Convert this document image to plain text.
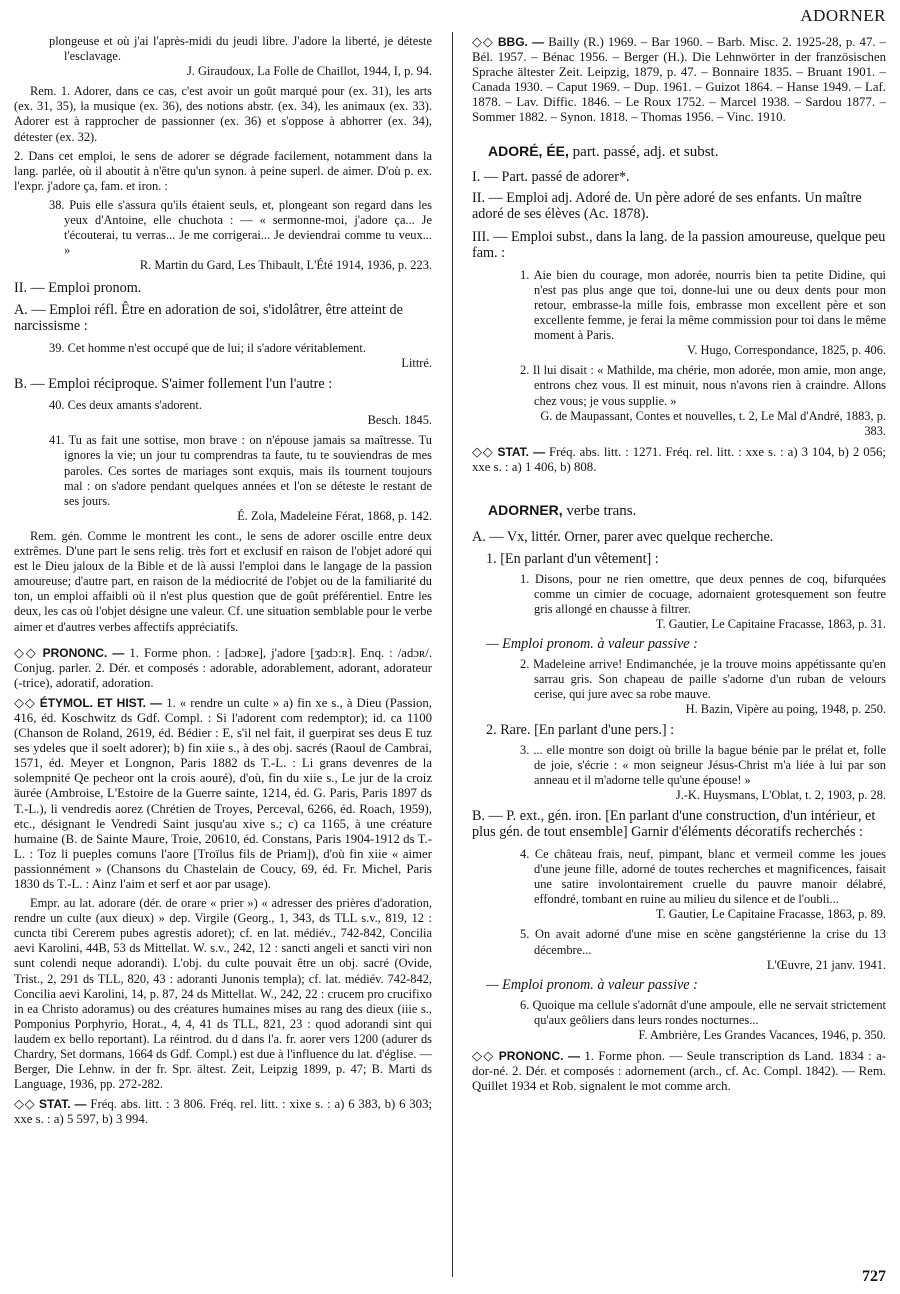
ADORNER

plongeuse et où j'ai l'après-midi du jeudi libre. J'adore la liberté, je déteste l'esclavage.
J. Giraudoux, La Folle de Chaillot, 1944, I, p. 94.

Rem. 1. Adorer, dans ce cas, c'est avoir un goût marqué pour (ex. 31), les arts (ex. 31, 35), la musique (ex. 36), des notions abstr. (ex. 34), les animaux (ex. 33). Adorer est à rapprocher de passionner (ex. 36) et s'oppose à abhorrer (ex. 34), détester (ex. 32).

2. Dans cet emploi, le sens de adorer se dégrade facilement, notamment dans la lang. parlée, où il aboutit à n'être qu'un synon. à peine superl. de aimer. D'où p. ex. l'expr. j'adore ça, fam. et iron. :

38. Puis elle s'assura qu'ils étaient seuls, et, plongeant son regard dans les yeux d'Antoine, elle chuchota : — « sermonne-moi, j'adore ça... Je t'écouterai, tu verras... Je me corrigerai... Je deviendrai comme tu veux... »
R. Martin du Gard, Les Thibault, L'Été 1914, 1936, p. 223.

II. — Emploi pronom.
A. — Emploi réfl. Être en adoration de soi, s'idolâtrer, être atteint de narcissisme :

39. Cet homme n'est occupé que de lui; il s'adore véritablement.
Littré.

B. — Emploi réciproque. S'aimer follement l'un l'autre :

40. Ces deux amants s'adorent.
Besch. 1845.

41. Tu as fait une sottise, mon brave : on n'épouse jamais sa maîtresse. Tu ignores la vie; un jour tu comprendras ta faute, tu te souviendras de mes paroles. Ces sortes de mariages sont exquis, mais ils tournent toujours mal : on s'adore pendant quelques années et l'on se déteste le restant de ses jours.
É. Zola, Madeleine Férat, 1868, p. 142.

Rem. gén. Comme le montrent les cont., le sens de adorer oscille entre deux extrêmes. D'une part le sens relig. très fort et exclusif en raison de l'objet adoré qui est le Dieu jaloux de la Bible et de là aussi l'emploi dans le langage de la passion amoureuse; d'autre part, en raison de la médiocrité de l'objet ou de la familiarité du ton, un emploi affaibli où il n'est plus question que de goût préférentiel. Entre les deux, les cas où l'objet désigne une valeur. Cf. une situation semblable pour le verbe aimer et d'autres verbes affectifs appréciatifs.

◇◇ PRONONC. — 1. Forme phon. : [adɔʀe], j'adore [ʒadɔːʀ]. Enq. : /adɔʀ/. Conjug. parler. 2. Dér. et composés : adorable, adorablement, adorant, adorateur (-trice), adoratif, adoration.

◇◇ ÉTYMOL. ET HIST. — 1. « rendre un culte » a) fin xe s., à Dieu (Passion, 416, éd. Koschwitz ds Gdf. Compl. : Si l'adorent com redemptor); id. ca 1100 (Chanson de Roland, 2619, éd. Bédier : E, s'il nel fait, il guerpirat ses deus E tuz ses ydeles que il soelt adorer); b) fin xiie s., à des obj. sacrés (Raoul de Cambrai, 1571, éd. Meyer et Longnon, Paris 1882 ds T.-L. : Li grans devenres de la solempnité Qe pecheor ont la crois aouré), d'où, fin du xiie s., Le jur de la croiz äurée (Ambroise, L'Estoire de la Guerre sainte, 1214, éd. G. Paris, Paris 1897 ds T.-L.), li vendredis aorez (Chrétien de Troyes, Perceval, 6266, éd. Roach, 1959), etc., désignant le Vendredi Saint jusqu'au xive s.; c) ca 1165, à une créature humaine (B. de Sainte Maure, Troie, 20610, éd. Constans, Paris 1904-1912 ds T.-L. : Toz li pueples comuns l'aore [Troïlus fils de Priam]), d'où fin xiie « aimer passionnément » (Chansons du Chastelain de Coucy, 69, éd. Fr. Michel, Paris 1830 ds T.-L. : Ainz l'aim et serf et aor par usage).

Empr. au lat. adorare (dér. de orare « prier ») « adresser des prières d'adoration, rendre un culte (aux dieux) » dep. Virgile (Georg., 1, 343, ds TLL s.v., 819, 12 : cuncta tibi Cererem pubes agrestis adoret); cf. en lat. médiév., 742-842, Concilia aevi Karolini, 44B, 53 ds Mittellat. W. s.v., 242, 12 : sancti angeli et sancti viri non sunt colendi neque adorandi). L'obj. du culte pouvait être un obj. sacré (Ovide, Trist., 2, 291 ds TLL, 820, 43 : adoranti Junonis templa); cf. lat. médiév. 742-842, Concilia aevi Karolini, 14, p. 87, 24 ds Mittellat. W., 242, 22 : crucem pro crucifixo in ea Christo adoramus) ou des créatures humaines mises au rang des dieux (iiie s., Pomponius Porphyrio, Horat., 4, 4, 41 ds TLL, 821, 23 : quod adorandi sint qui laudem ex bello reportant). La réintrod. du d dans l'a. fr. aorer vers 1200 (adurer ds Chardry, Set dormans, 1664 ds Gdf. Compl.) est due à l'influence du lat. d'église. — Berger, Die Lehnw. in der fr. Spr. ältest. Zeit, Leipzig 1899, p. 47; B. Marti ds Language, 1936, pp. 272-282.

◇◇ STAT. — Fréq. abs. litt. : 3 806. Fréq. rel. litt. : xixe s. : a) 6 383, b) 6 303; xxe s. : a) 5 597, b) 3 994.

◇◇ BBG. — Bailly (R.) 1969. – Bar 1960. – Barb. Misc. 2. 1925-28, p. 47. – Bél. 1957. – Bénac 1956. – Berger (H.). Die Lehnwörter in der französischen Sprache ältester Zeit. Leipzig, 1879, p. 47. – Bonnaire 1835. – Bruant 1901. – Canada 1930. – Caput 1969. – Dup. 1961. – Guizot 1864. – Hanse 1949. – Laf. 1878. – Lav. Diffic. 1846. – Le Roux 1752. – Marcel 1938. – Sardou 1877. – Sommer 1882. – Synon. 1818. – Thomas 1956. – Vinc. 1910.

ADORÉ, ÉE, part. passé, adj. et subst.
I. — Part. passé de adorer*.
II. — Emploi adj. Adoré de. Un père adoré de ses enfants. Un maître adoré de ses élèves (Ac. 1878).
III. — Emploi subst., dans la lang. de la passion amoureuse, quelque peu fam. :

1. Aie bien du courage, mon adorée, nourris bien ta petite Didine, qui n'est pas plus ange que toi, donne-lui une ou deux dents pour mon retour, embrasse-la mille fois, embrasse mon excellent père et son excellente femme, je ferai la même commission pour toi dans le même moment à Paris.
V. Hugo, Correspondance, 1825, p. 406.

2. Il lui disait : « Mathilde, ma chérie, mon adorée, mon amie, mon ange, entrons chez vous. Il est minuit, nous n'avons rien à craindre. Allons chez vous; je vous supplie. »
G. de Maupassant, Contes et nouvelles, t. 2, Le Mal d'André, 1883, p. 383.

◇◇ STAT. — Fréq. abs. litt. : 1271. Fréq. rel. litt. : xxe s. : a) 3 104, b) 2 056; xxe s. : a) 1 406, b) 808.

ADORNER, verbe trans.
A. — Vx, littér. Orner, parer avec quelque recherche.
1. [En parlant d'un vêtement] :

1. Disons, pour ne rien omettre, que deux pennes de coq, bifurquées comme un cimier de cocuage, adornaient grotesquement son feutre gris allongé en chausse à filtrer.
T. Gautier, Le Capitaine Fracasse, 1863, p. 31.

— Emploi pronom. à valeur passive :

2. Madeleine arrive! Endimanchée, je la trouve moins appétissante qu'en sarrau gris. Son chapeau de paille s'adorne d'un ruban de velours cerise, qui jure avec sa robe mauve.
H. Bazin, Vipère au poing, 1948, p. 250.

2. Rare. [En parlant d'une pers.] :

3. ... elle montre son doigt où brille la bague bénie par le prélat et, folle de joie, s'écrie : « mon seigneur Jésus-Christ m'a liée à lui par son anneau et il m'adorne telle qu'une épouse! »
J.-K. Huysmans, L'Oblat, t. 2, 1903, p. 28.

B. — P. ext., gén. iron. [En parlant d'une construction, d'un intérieur, et plus gén. de tout ensemble] Garnir d'éléments décoratifs recherchés :

4. Ce château frais, neuf, pimpant, blanc et vermeil comme les joues d'une jeune fille, adorné de toutes recherches et magnificences, faisait une satire involontairement cruelle du pauvre manoir délabré, effondré, tombant en ruine au milieu du silence et de l'oubli...
T. Gautier, Le Capitaine Fracasse, 1863, p. 89.

5. On avait adorné d'une mise en scène gangstérienne la crise du 13 décembre...
L'Œuvre, 21 janv. 1941.

— Emploi pronom. à valeur passive :

6. Quoique ma cellule s'adornât d'une ampoule, elle ne servait strictement qu'aux geôliers dans leurs rondes nocturnes...
F. Ambrière, Les Grandes Vacances, 1946, p. 350.

◇◇ PRONONC. — 1. Forme phon. — Seule transcription ds Land. 1834 : a-dor-né. 2. Dér. et composés : adornement (arch., cf. Ac. Compl. 1842). — Rem. Quillet 1934 et Rob. signalent le mot comme arch.

727
